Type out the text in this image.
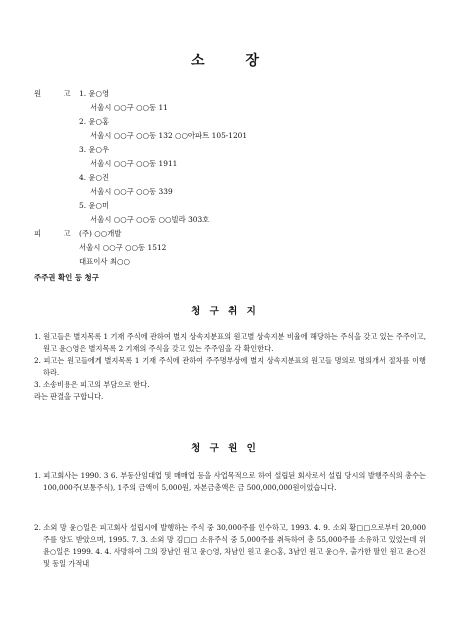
소 장
원 고
1. 윤○영
서울시 ○○구 ○○동 11
2. 윤○홍
서울시 ○○구 ○○동 132 ○○아파트 105-1201
3. 윤○우
서울시 ○○구 ○○동 1911
4. 윤○진
서울시 ○○구 ○○동 339
5. 윤○미
서울시 ○○구 ○○동 ○○빌라 303호
피 고
(주) ○○개발
서울시 ○○구 ○○동 1512
대표이사 최○○
주주권 확인 등 청구
청 구 취 지

1. 원고들은 별지목록 1 기재 주식에 관하여 별지 상속지분표의 원고별 상속지분 비율에 해당하는 주식을 갖고 있는 주주이고, 원고 윤○영은 별지목록 2 기재의 주식을 갖고 있는 주주임을 각 확인한다.

2. 피고는 원고들에게 별지목록 1 기재 주식에 관하여 주주명부상에 별지 상속지분표의 원고들 명의로 명의개서 절차를 이행하라.

3. 소송비용은 피고의 부담으로 한다.

라는 판결을 구합니다.

청 구 원 인

1. 피고회사는 1990. 3 6. 부동산임대업 및 매매업 등을 사업목적으로 하여 설립된 회사로서 설립 당시의 발행주식의 총수는 100,000주(보통주식), 1주의 금액이 5,000원, 자본금총액은 금 500,000,000원이었습니다.

2. 소외 망 윤○일은 피고회사 설립시에 발행하는 주식 중 30,000주를 인수하고, 1993. 4. 9. 소외 황□□으로부터 20,000주를 양도 받았으며, 1995. 7. 3. 소외 망 김□□ 소유주식 중 5,000주를 취득하여 총 55,000주를 소유하고 있었는데 위 윤○일은 1999. 4. 4. 사망하여 그의 장남인 원고 윤○영, 차남인 원고 윤○홍, 3남인 원고 윤○우, 출가한 딸인 원고 윤○진 및 동일 가적내
